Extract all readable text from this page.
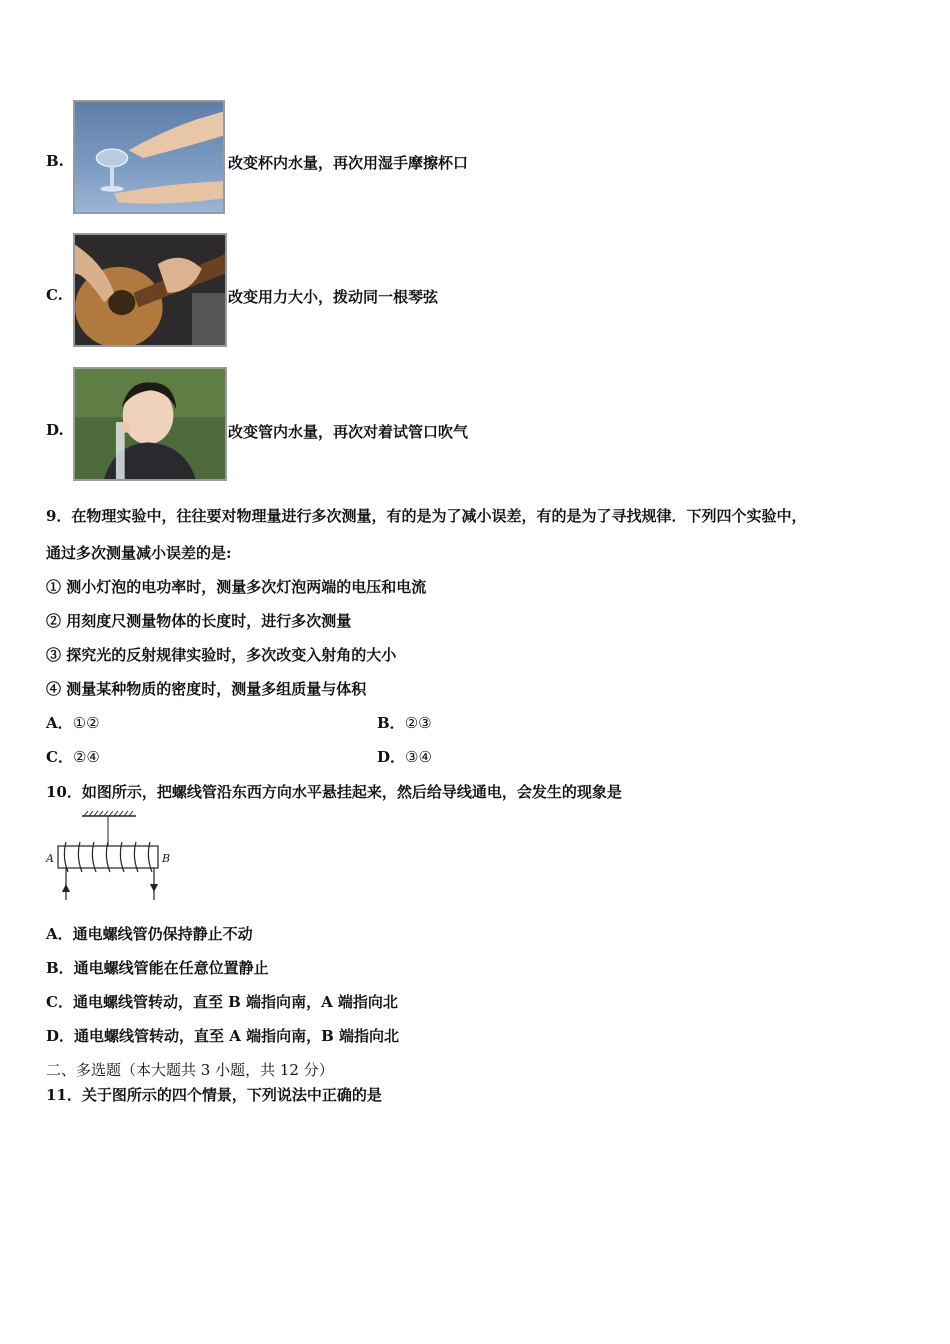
B.	改变杯内水量，再次用湿手摩擦杯口
C.	改变用力大小，拨动同一根琴弦
D.	改变管内水量，再次对着试管口吹气
9．在物理实验中，往往要对物理量进行多次测量，有的是为了减小误差，有的是为了寻找规律．下列四个实验中，
通过多次测量减小误差的是:
① 测小灯泡的电功率时，测量多次灯泡两端的电压和电流
② 用刻度尺测量物体的长度时，进行多次测量
③ 探究光的反射规律实验时，多次改变入射角的大小
④ 测量某种物质的密度时，测量多组质量与体积
A．①②	B．②③
C．②④	D．③④
10．如图所示，把螺线管沿东西方向水平悬挂起来，然后给导线通电，会发生的现象是
A	B
A．通电螺线管仍保持静止不动
B．通电螺线管能在任意位置静止
C．通电螺线管转动，直至 B 端指向南，A 端指向北
D．通电螺线管转动，直至 A 端指向南，B 端指向北
二、多选题（本大题共 3 小题，共 12 分）
11．关于图所示的四个情景，下列说法中正确的是
